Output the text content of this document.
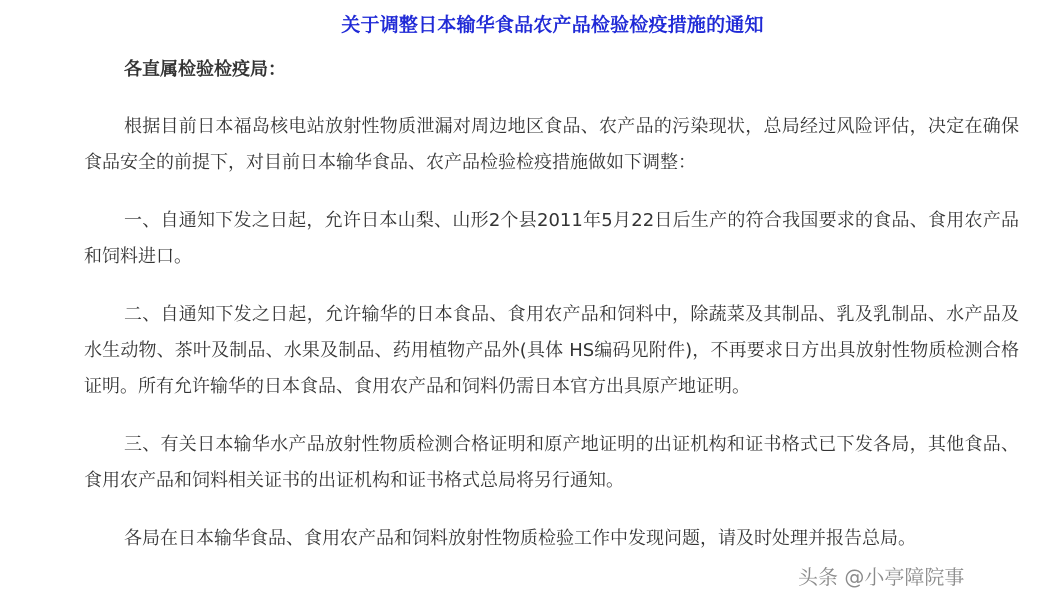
关于调整日本输华食品农产品检验检疫措施的通知

各直属检验检疫局：

根据目前日本福岛核电站放射性物质泄漏对周边地区食品、农产品的污染现状，总局经过风险评估，决定在确保食品安全的前提下，对目前日本输华食品、农产品检验检疫措施做如下调整：

一、自通知下发之日起，允许日本山梨、山形2个县2011年5月22日后生产的符合我国要求的食品、食用农产品和饲料进口。

二、自通知下发之日起，允许输华的日本食品、食用农产品和饲料中，除蔬菜及其制品、乳及乳制品、水产品及水生动物、茶叶及制品、水果及制品、药用植物产品外(具体 HS编码见附件)，不再要求日方出具放射性物质检测合格证明。所有允许输华的日本食品、食用农产品和饲料仍需日本官方出具原产地证明。

三、有关日本输华水产品放射性物质检测合格证明和原产地证明的出证机构和证书格式已下发各局，其他食品、食用农产品和饲料相关证书的出证机构和证书格式总局将另行通知。

各局在日本输华食品、食用农产品和饲料放射性物质检验工作中发现问题，请及时处理并报告总局。

头条 @小亭障院事
